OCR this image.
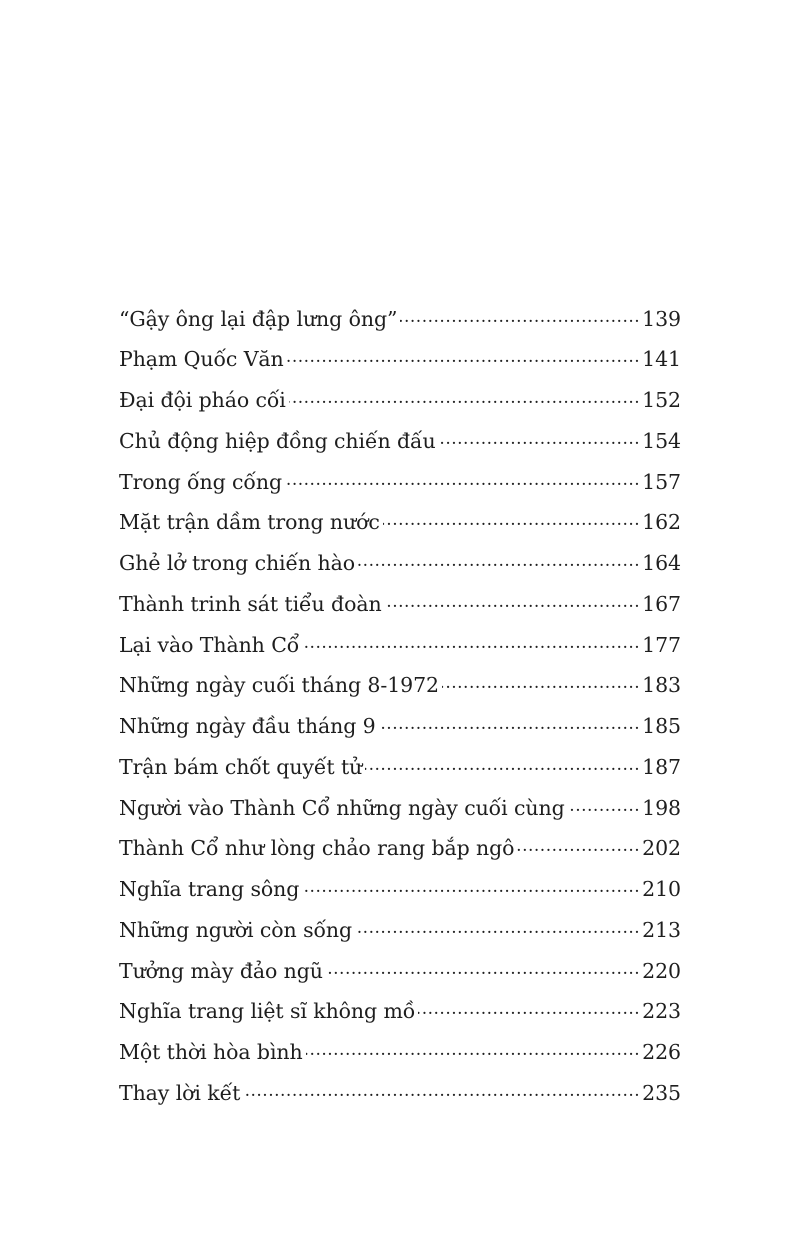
“Gậy ông lại đập lưng ông” .....	139
Phạm Quốc Văn .....	141
Đại đội pháo cối .....	152
Chủ động hiệp đồng chiến đấu .....	154
Trong ống cống .....	157
Mặt trận dầm trong nước .....	162
Ghẻ lở trong chiến hào .....	164
Thành trinh sát tiểu đoàn .....	167
Lại vào Thành Cổ .....	177
Những ngày cuối tháng 8-1972 .....	183
Những ngày đầu tháng 9 .....	185
Trận bám chốt quyết tử .....	187
Người vào Thành Cổ những ngày cuối cùng .....	198
Thành Cổ như lòng chảo rang bắp ngô .....	202
Nghĩa trang sông .....	210
Những người còn sống .....	213
Tưởng mày đảo ngũ .....	220
Nghĩa trang liệt sĩ không mồ .....	223
Một thời hòa bình .....	226
Thay lời kết .....	235
